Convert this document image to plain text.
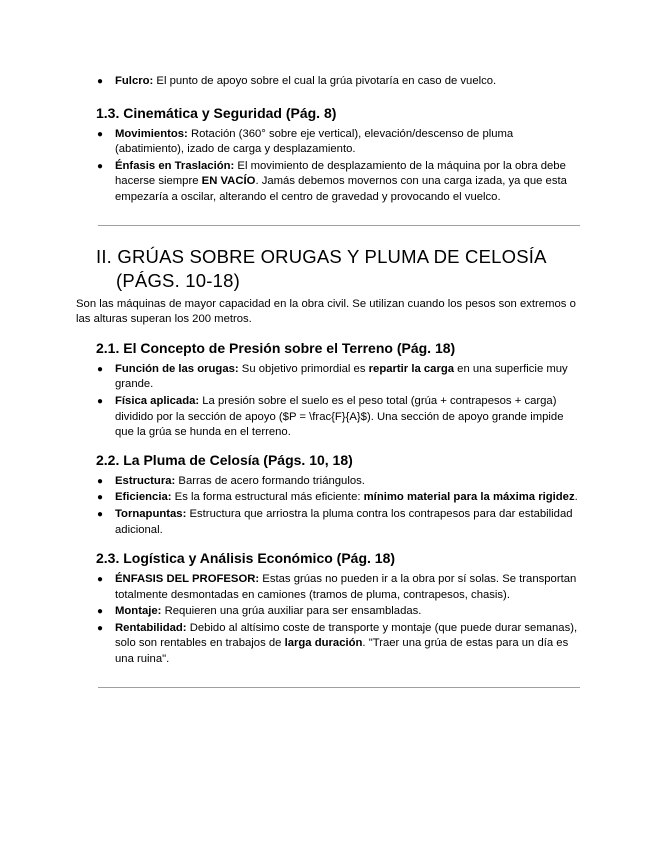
● Fulcro: El punto de apoyo sobre el cual la grúa pivotaría en caso de vuelco.
1.3. Cinemática y Seguridad (Pág. 8)
● Movimientos: Rotación (360° sobre eje vertical), elevación/descenso de pluma (abatimiento), izado de carga y desplazamiento.
● Énfasis en Traslación: El movimiento de desplazamiento de la máquina por la obra debe hacerse siempre EN VACÍO. Jamás debemos movernos con una carga izada, ya que esta empezaría a oscilar, alterando el centro de gravedad y provocando el vuelco.
II. GRÚAS SOBRE ORUGAS Y PLUMA DE CELOSÍA
(PÁGS. 10-18)

Son las máquinas de mayor capacidad en la obra civil. Se utilizan cuando los pesos son extremos o las alturas superan los 200 metros.

2.1. El Concepto de Presión sobre el Terreno (Pág. 18)
● Función de las orugas: Su objetivo primordial es repartir la carga en una superficie muy grande.
● Física aplicada: La presión sobre el suelo es el peso total (grúa + contrapesos + carga) dividido por la sección de apoyo ($P = \frac{F}{A}$). Una sección de apoyo grande impide que la grúa se hunda en el terreno.
2.2. La Pluma de Celosía (Págs. 10, 18)
● Estructura: Barras de acero formando triángulos.
● Eficiencia: Es la forma estructural más eficiente: mínimo material para la máxima rigidez.
● Tornapuntas: Estructura que arriostra la pluma contra los contrapesos para dar estabilidad adicional.
2.3. Logística y Análisis Económico (Pág. 18)
● ÉNFASIS DEL PROFESOR: Estas grúas no pueden ir a la obra por sí solas. Se transportan totalmente desmontadas en camiones (tramos de pluma, contrapesos, chasis).
● Montaje: Requieren una grúa auxiliar para ser ensambladas.
● Rentabilidad: Debido al altísimo coste de transporte y montaje (que puede durar semanas), solo son rentables en trabajos de larga duración. "Traer una grúa de estas para un día es una ruina".
